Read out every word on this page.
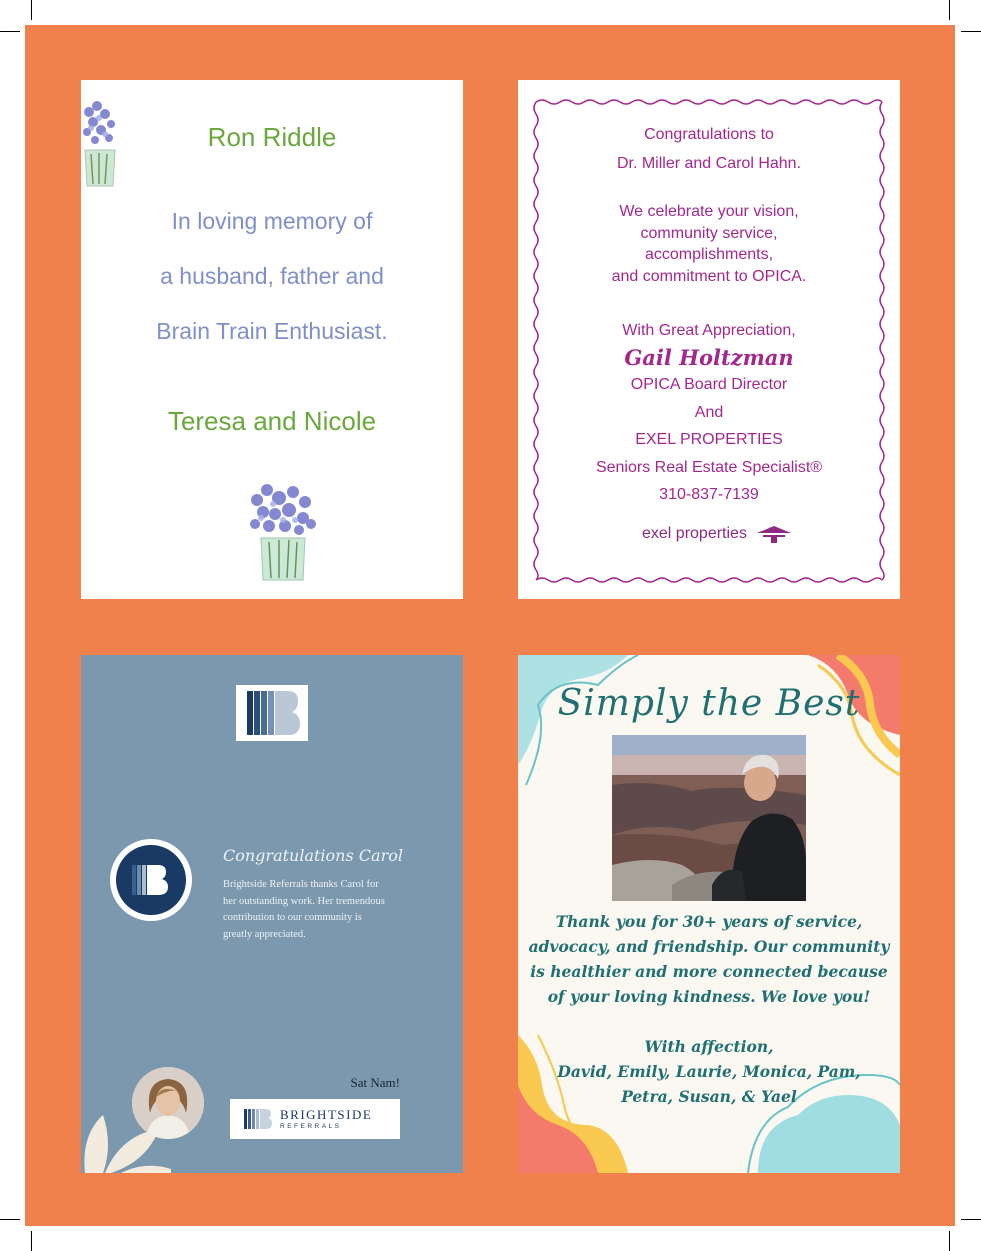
Ron Riddle
In loving memory of
a husband, father and
Brain Train Enthusiast.
Teresa and Nicole
Congratulations to
Dr. Miller and Carol Hahn.
We celebrate your vision,
community service,
accomplishments,
and commitment to OPICA.
With Great Appreciation,
Gail Holtzman
OPICA Board Director
And
EXEL PROPERTIES
Seniors Real Estate Specialist®
310-837-7139
exel properties
Congratulations Carol
Brightside Referrals thanks Carol for
her outstanding work. Her tremendous
contribution to our community is
greatly appreciated.
Sat Nam!
BRIGHTSIDE
REFERRALS
Simply the Best
Thank you for 30+ years of service,
advocacy, and friendship. Our community
is healthier and more connected because
of your loving kindness. We love you!
With affection,
David, Emily, Laurie, Monica, Pam,
Petra, Susan, & Yael
